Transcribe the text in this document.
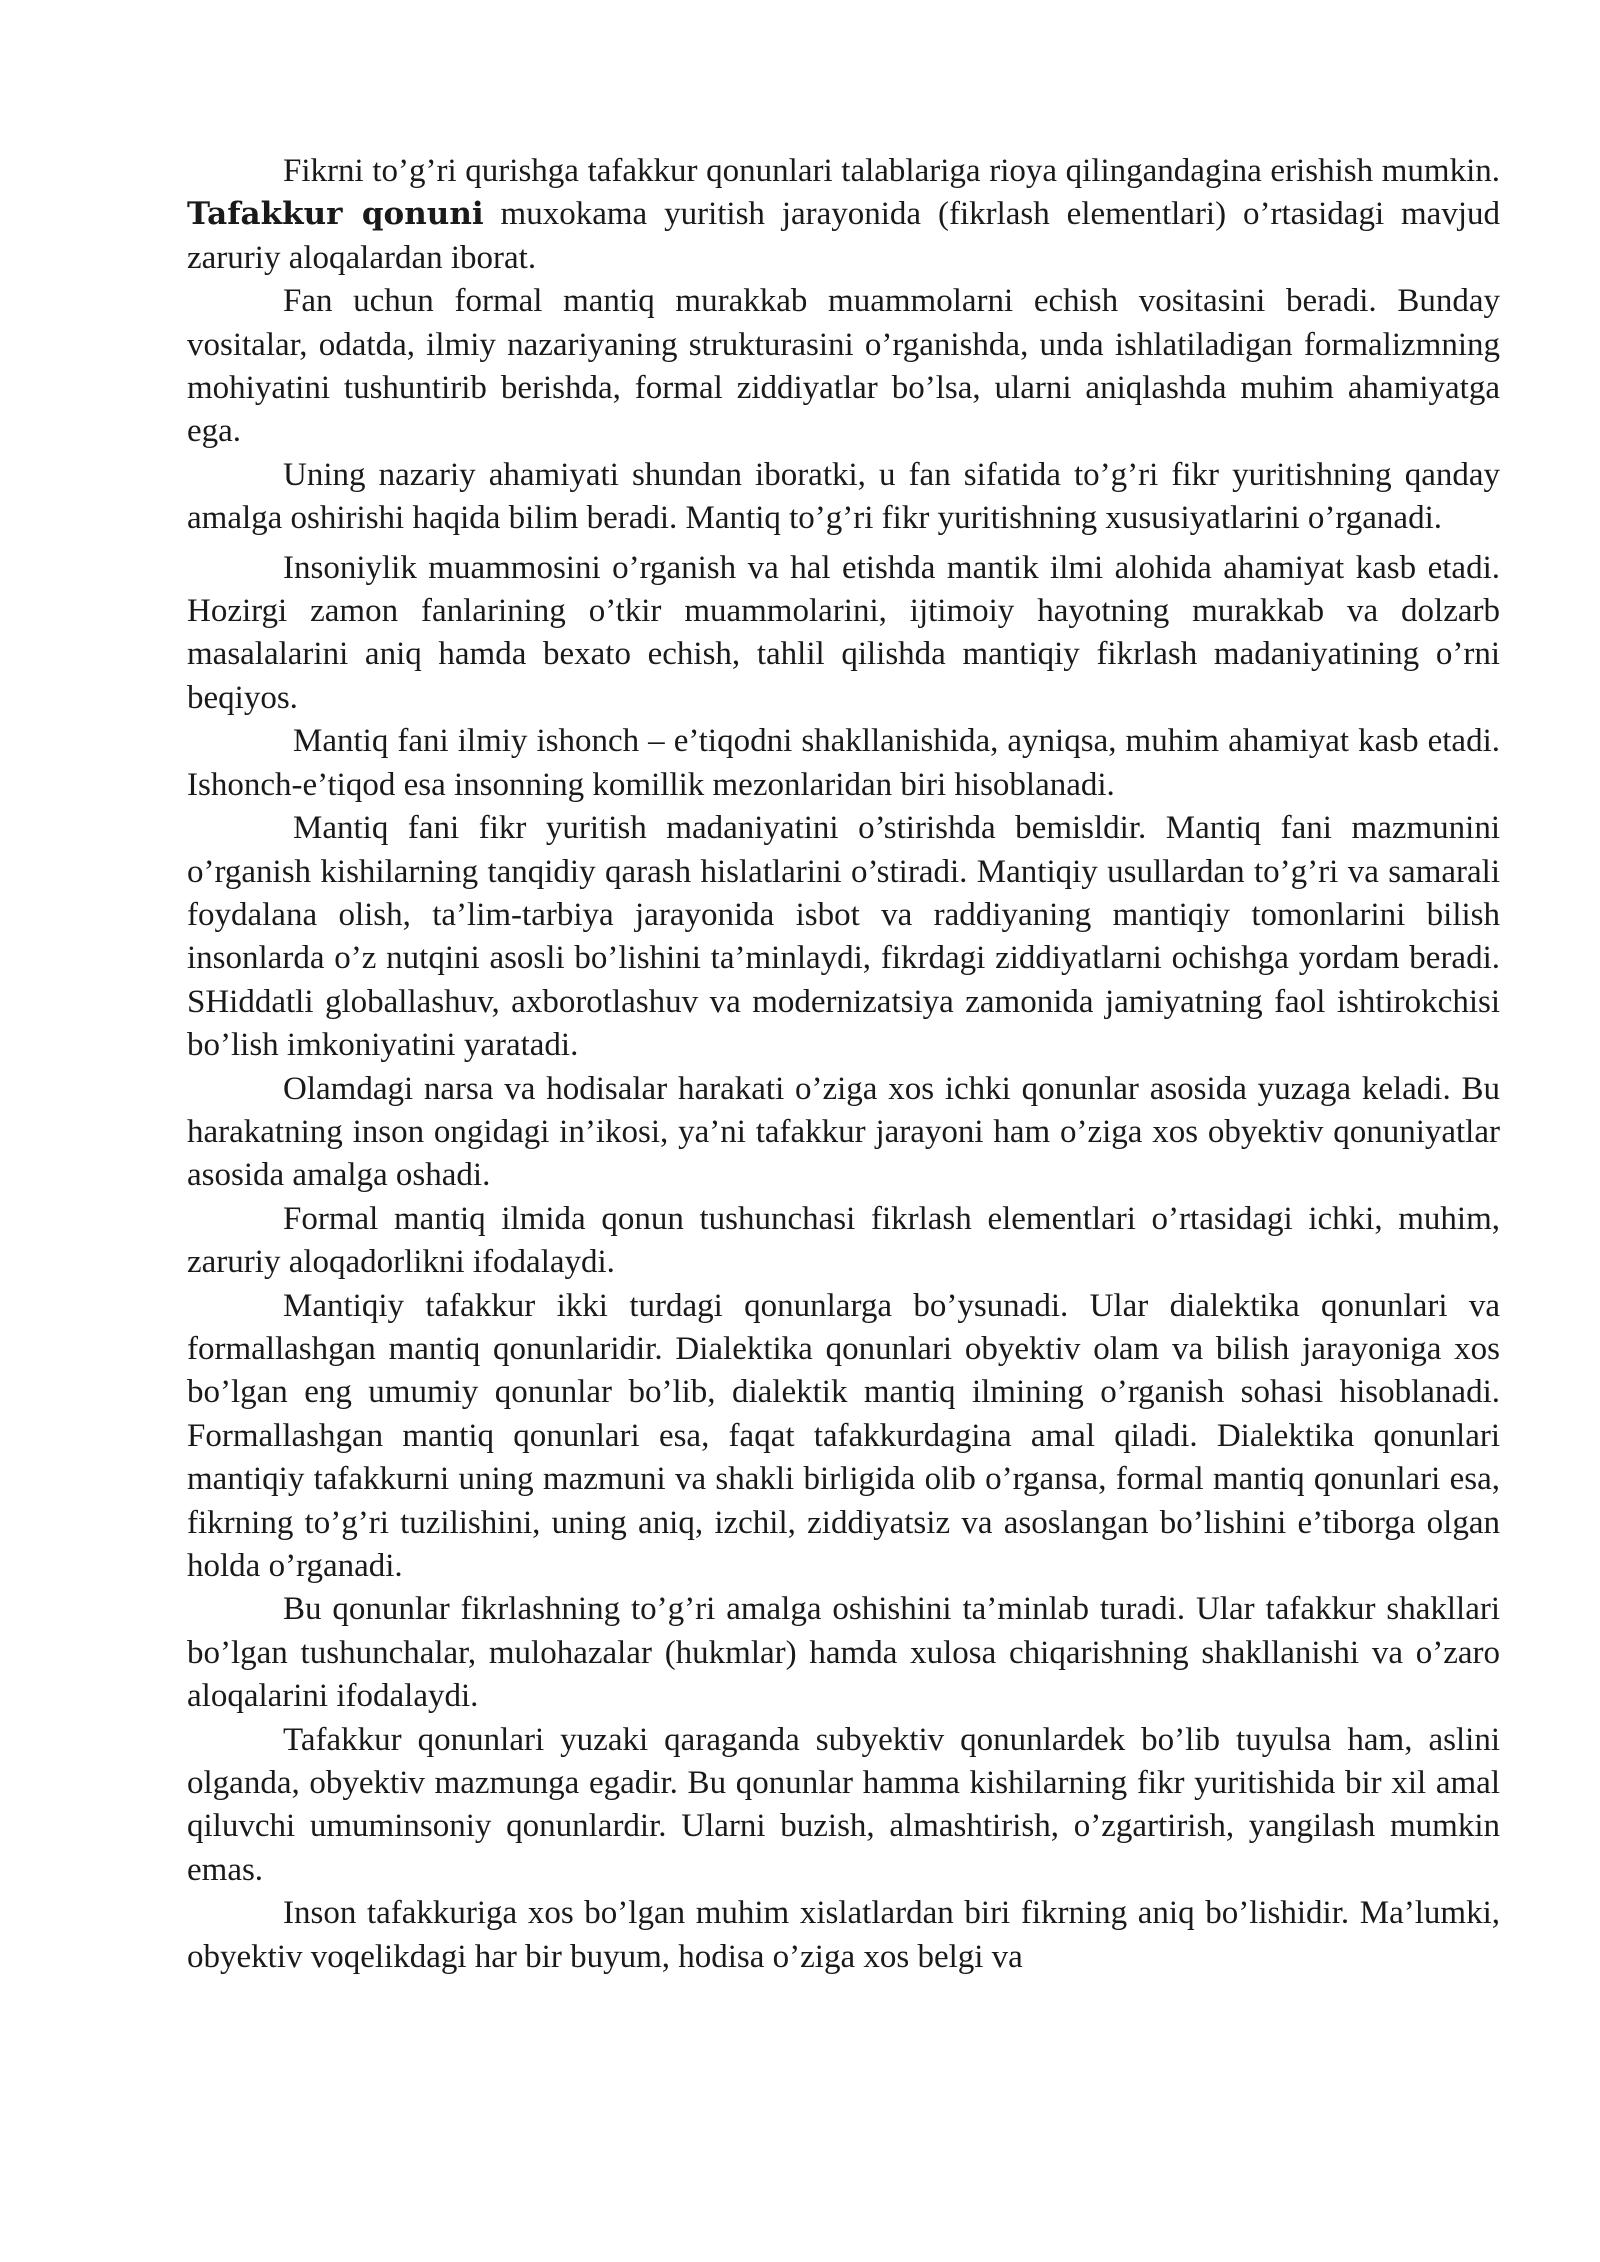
Fikrni to’g’ri qurishga tafakkur qonunlari talablariga rioya qilingandagina erishish mumkin. Tafakkur qonuni muxokama yuritish jarayonida (fikrlash elementlari) o’rtasidagi mavjud zaruriy aloqalardan iborat.

Fan uchun formal mantiq murakkab muammolarni echish vositasini beradi. Bunday vositalar, odatda, ilmiy nazariyaning strukturasini o’rganishda, unda ishlatiladigan formalizmning mohiyatini tushuntirib berishda, formal ziddiyatlar bo’lsa, ularni aniqlashda muhim ahamiyatga ega.

Uning nazariy ahamiyati shundan iboratki, u fan sifatida to’g’ri fikr yuritishning qanday amalga oshirishi haqida bilim beradi. Mantiq to’g’ri fikr yuritishning xususiyatlarini o’rganadi.

Insoniylik muammosini o’rganish va hal etishda mantik ilmi alohida ahamiyat kasb etadi. Hozirgi zamon fanlarining o’tkir muammolarini, ijtimoiy hayotning murakkab va dolzarb masalalarini aniq hamda bexato echish, tahlil qilishda mantiqiy fikrlash madaniyatining o’rni beqiyos.

Mantiq fani ilmiy ishonch – e’tiqodni shakllanishida, ayniqsa, muhim ahamiyat kasb etadi. Ishonch-e’tiqod esa insonning komillik mezonlaridan biri hisoblanadi.

Mantiq fani fikr yuritish madaniyatini o’stirishda bemisldir. Mantiq fani mazmunini o’rganish kishilarning tanqidiy qarash hislatlarini o’stiradi. Mantiqiy usullardan to’g’ri va samarali foydalana olish, ta’lim-tarbiya jarayonida isbot va raddiyaning mantiqiy tomonlarini bilish insonlarda o’z nutqini asosli bo’lishini ta’minlaydi, fikrdagi ziddiyatlarni ochishga yordam beradi. SHiddatli globallashuv, axborotlashuv va modernizatsiya zamonida jamiyatning faol ishtirokchisi bo’lish imkoniyatini yaratadi.

Olamdagi narsa va hodisalar harakati o’ziga xos ichki qonunlar asosida yuzaga keladi. Bu harakatning inson ongidagi in’ikosi, ya’ni tafakkur jarayoni ham o’ziga xos obyektiv qonuniyatlar asosida amalga oshadi.

Formal mantiq ilmida qonun tushunchasi fikrlash elementlari o’rtasidagi ichki, muhim, zaruriy aloqadorlikni ifodalaydi.

Mantiqiy tafakkur ikki turdagi qonunlarga bo’ysunadi. Ular dialektika qonunlari va formallashgan mantiq qonunlaridir. Dialektika qonunlari obyektiv olam va bilish jarayoniga xos bo’lgan eng umumiy qonunlar bo’lib, dialektik mantiq ilmining o’rganish sohasi hisoblanadi. Formallashgan mantiq qonunlari esa, faqat tafakkurdagina amal qiladi. Dialektika qonunlari mantiqiy tafakkurni uning mazmuni va shakli birligida olib o’rgansa, formal mantiq qonunlari esa, fikrning to’g’ri tuzilishini, uning aniq, izchil, ziddiyatsiz va asoslangan bo’lishini e’tiborga olgan holda o’rganadi.

Bu qonunlar fikrlashning to’g’ri amalga oshishini ta’minlab turadi. Ular tafakkur shakllari bo’lgan tushunchalar, mulohazalar (hukmlar) hamda xulosa chiqarishning shakllanishi va o’zaro aloqalarini ifodalaydi.

Tafakkur qonunlari yuzaki qaraganda subyektiv qonunlardek bo’lib tuyulsa ham, aslini olganda, obyektiv mazmunga egadir. Bu qonunlar hamma kishilarning fikr yuritishida bir xil amal qiluvchi umuminsoniy qonunlardir. Ularni buzish, almashtirish, o’zgartirish, yangilash mumkin emas.

Inson tafakkuriga xos bo’lgan muhim xislatlardan biri fikrning aniq bo’lishidir. Ma’lumki, obyektiv voqelikdagi har bir buyum, hodisa o’ziga xos belgi va
